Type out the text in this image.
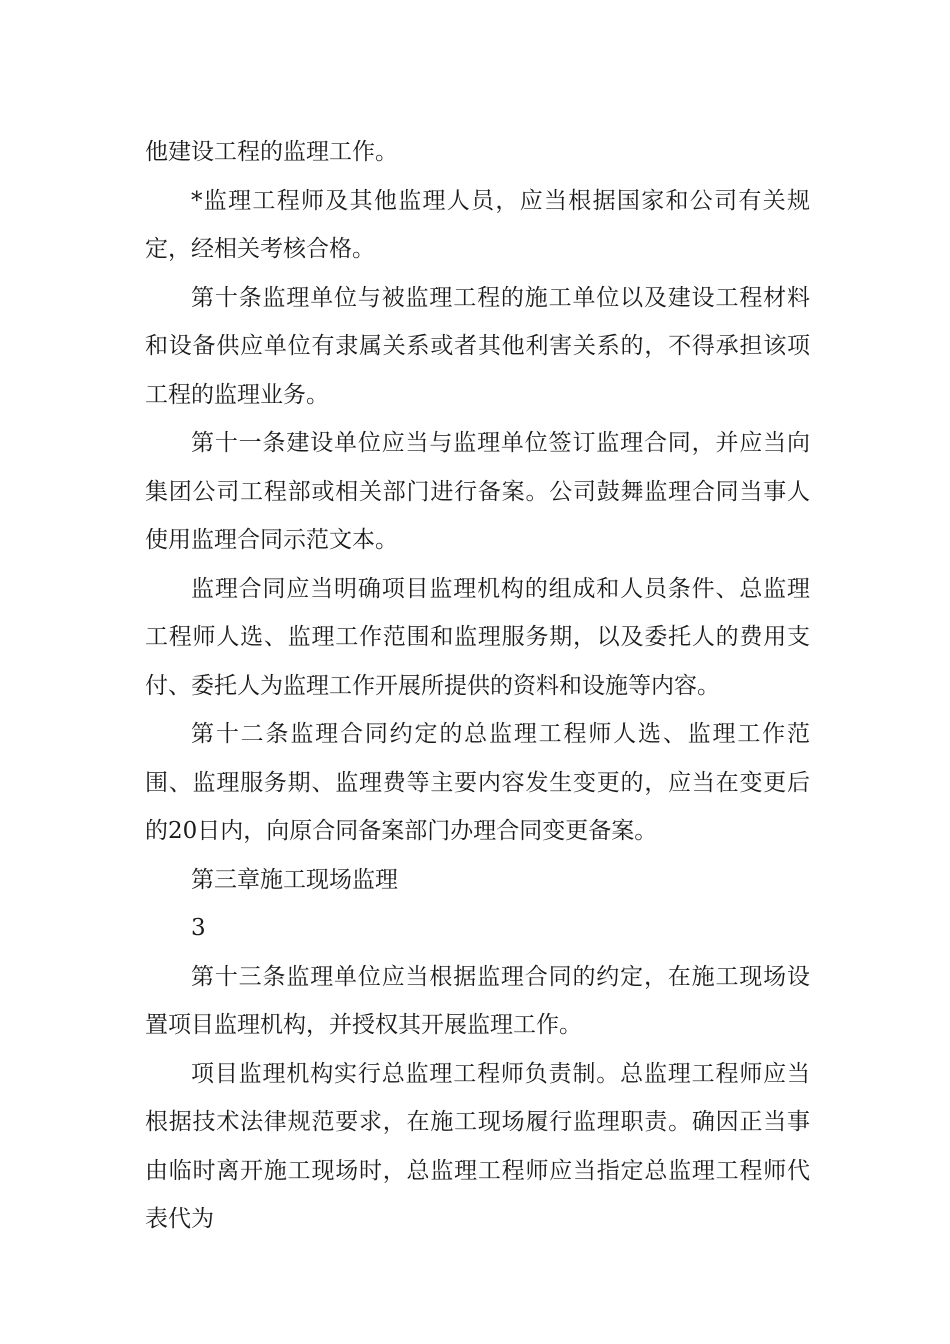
他建设工程的监理工作。

*监理工程师及其他监理人员，应当根据国家和公司有关规定，经相关考核合格。

第十条监理单位与被监理工程的施工单位以及建设工程材料和设备供应单位有隶属关系或者其他利害关系的，不得承担该项工程的监理业务。

第十一条建设单位应当与监理单位签订监理合同，并应当向集团公司工程部或相关部门进行备案。公司鼓舞监理合同当事人使用监理合同示范文本。

监理合同应当明确项目监理机构的组成和人员条件、总监理工程师人选、监理工作范围和监理服务期，以及委托人的费用支付、委托人为监理工作开展所提供的资料和设施等内容。

第十二条监理合同约定的总监理工程师人选、监理工作范围、监理服务期、监理费等主要内容发生变更的，应当在变更后的20日内，向原合同备案部门办理合同变更备案。

第三章施工现场监理

3

第十三条监理单位应当根据监理合同的约定，在施工现场设置项目监理机构，并授权其开展监理工作。

项目监理机构实行总监理工程师负责制。总监理工程师应当根据技术法律规范要求，在施工现场履行监理职责。确因正当事由临时离开施工现场时，总监理工程师应当指定总监理工程师代表代为
